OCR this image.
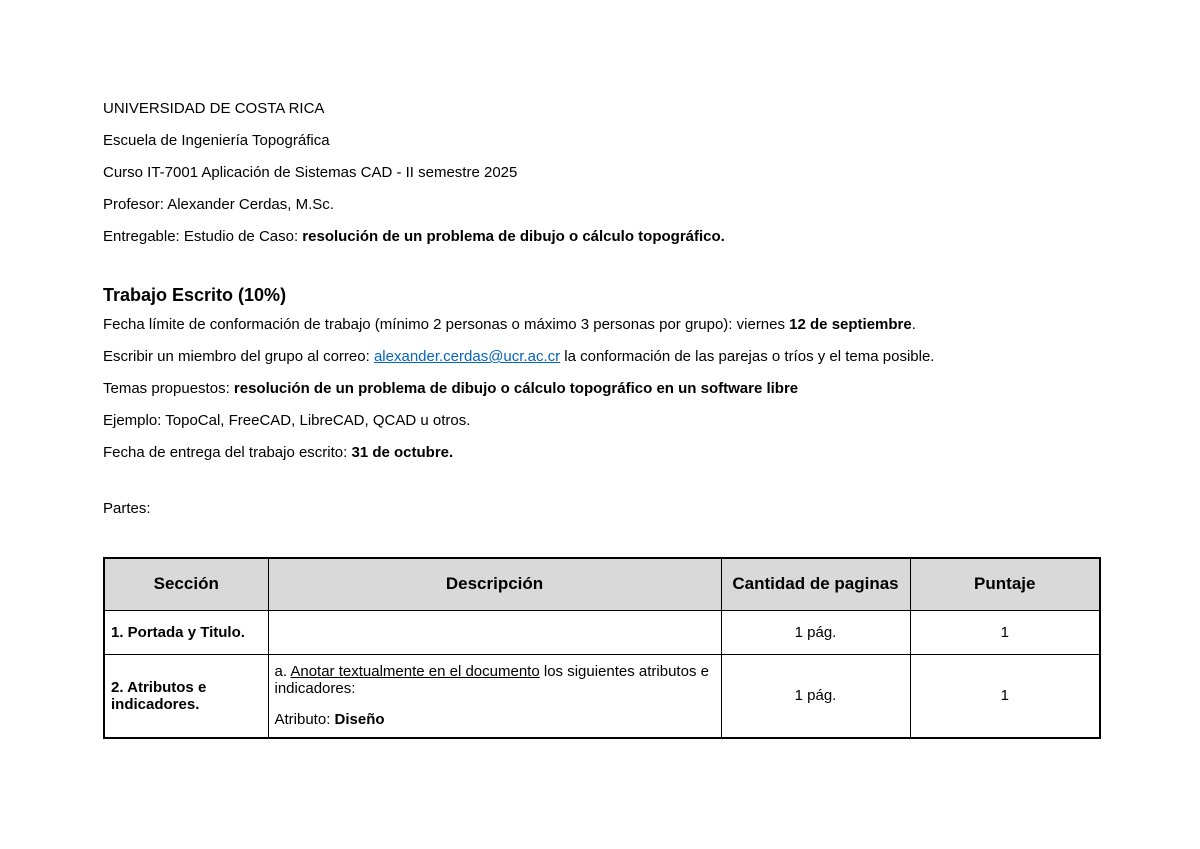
UNIVERSIDAD DE COSTA RICA
Escuela de Ingeniería Topográfica
Curso IT-7001 Aplicación de Sistemas CAD - II semestre 2025
Profesor: Alexander Cerdas, M.Sc.
Entregable: Estudio de Caso: resolución de un problema de dibujo o cálculo topográfico.
Trabajo Escrito (10%)
Fecha límite de conformación de trabajo (mínimo 2 personas o máximo 3 personas por grupo): viernes 12 de septiembre.
Escribir un miembro del grupo al correo: alexander.cerdas@ucr.ac.cr la conformación de las parejas o tríos y el tema posible.
Temas propuestos: resolución de un problema de dibujo o cálculo topográfico en un software libre
Ejemplo: TopoCal, FreeCAD, LibreCAD, QCAD u otros.
Fecha de entrega del trabajo escrito: 31 de octubre.
Partes:
Sección	Descripción	Cantidad de paginas	Puntaje
1. Portada y Titulo.		1 pág.	1
2. Atributos e indicadores.	a. Anotar textualmente en el documento los siguientes atributos e indicadores:
Atributo: Diseño	1 pág.	1
